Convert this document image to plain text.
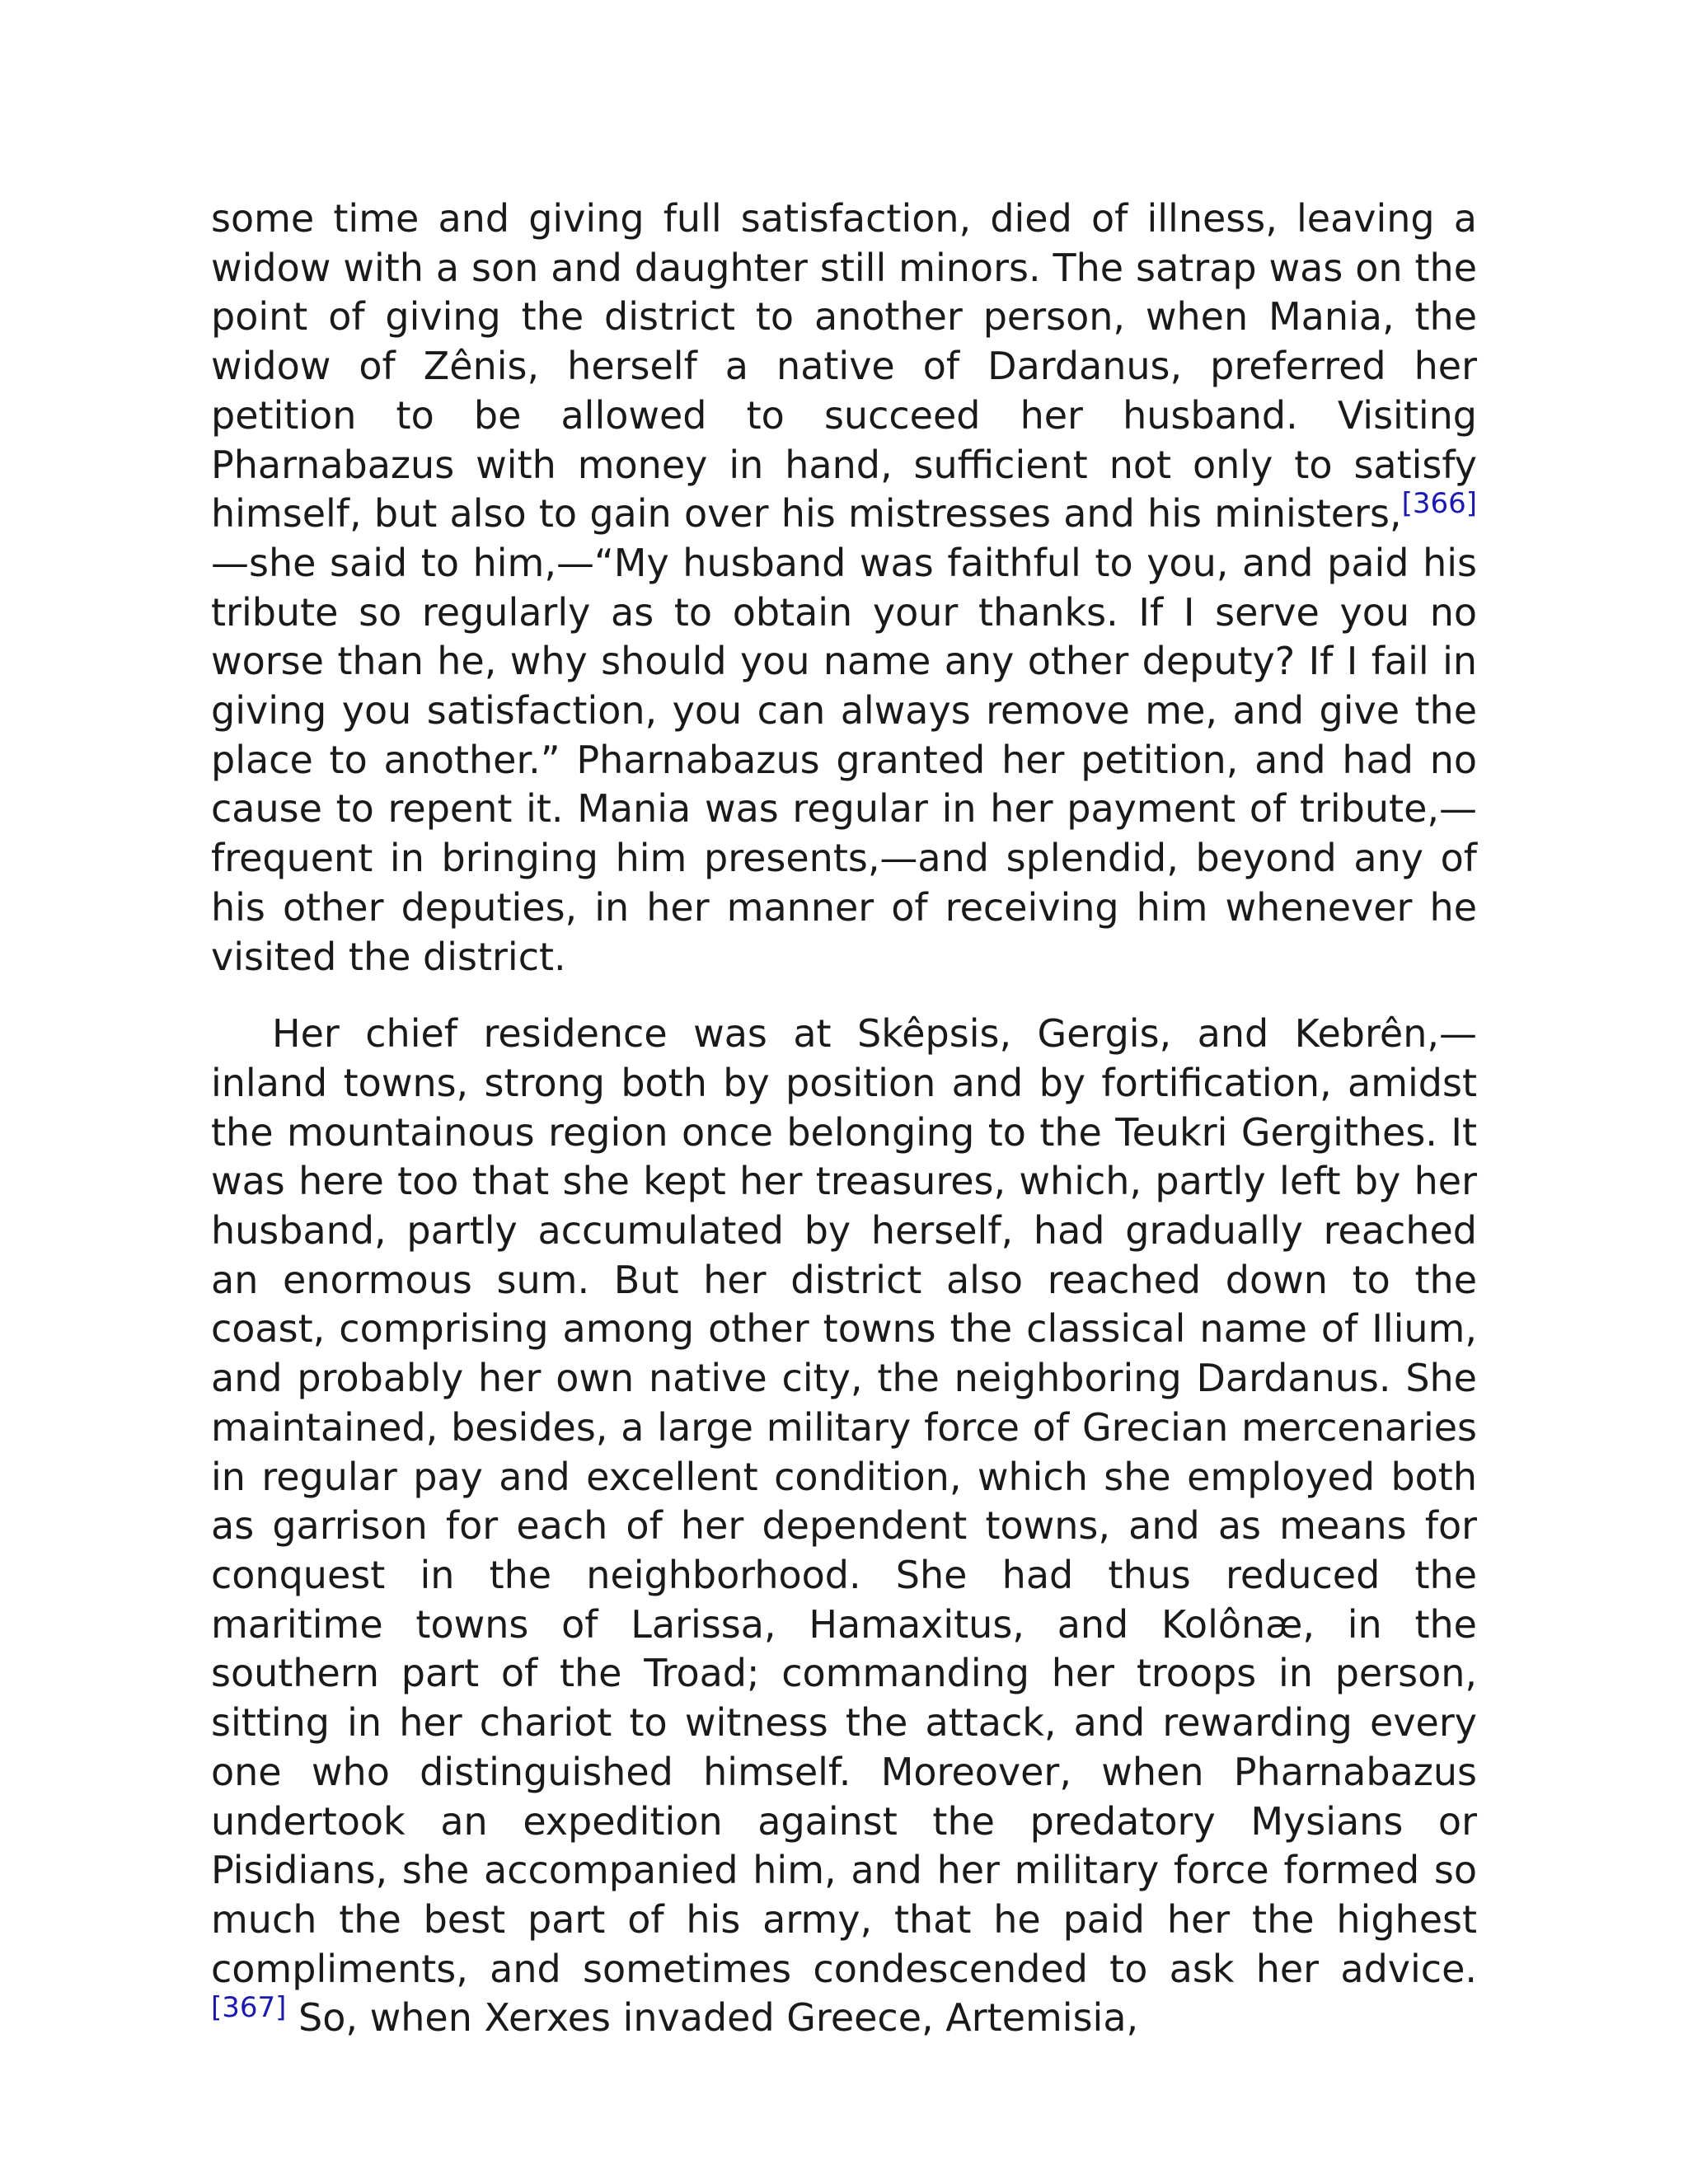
some time and giving full satisfaction, died of illness, leaving a widow with a son and daughter still minors. The satrap was on the point of giving the district to another person, when Mania, the widow of Zênis, herself a native of Dardanus, preferred her petition to be allowed to succeed her husband. Visiting Pharnabazus with money in hand, sufficient not only to satisfy himself, but also to gain over his mistresses and his ministers,[366]—she said to him,—“My husband was faithful to you, and paid his tribute so regularly as to obtain your thanks. If I serve you no worse than he, why should you name any other deputy? If I fail in giving you satisfaction, you can always remove me, and give the place to another.” Pharnabazus granted her petition, and had no cause to repent it. Mania was regular in her payment of tribute,—frequent in bringing him presents,—and splendid, beyond any of his other deputies, in her manner of receiving him whenever he visited the district.

Her chief residence was at Skêpsis, Gergis, and Kebrên,—inland towns, strong both by position and by fortification, amidst the mountainous region once belonging to the Teukri Gergithes. It was here too that she kept her treasures, which, partly left by her husband, partly accumulated by herself, had gradually reached an enormous sum. But her district also reached down to the coast, comprising among other towns the classical name of Ilium, and probably her own native city, the neighboring Dardanus. She maintained, besides, a large military force of Grecian mercenaries in regular pay and excellent condition, which she employed both as garrison for each of her dependent towns, and as means for conquest in the neighborhood. She had thus reduced the maritime towns of Larissa, Hamaxitus, and Kolônæ, in the southern part of the Troad; commanding her troops in person, sitting in her chariot to witness the attack, and rewarding every one who distinguished himself. Moreover, when Pharnabazus undertook an expedition against the predatory Mysians or Pisidians, she accompanied him, and her military force formed so much the best part of his army, that he paid her the highest compliments, and sometimes condescended to ask her advice.[367] So, when Xerxes invaded Greece, Artemisia,
